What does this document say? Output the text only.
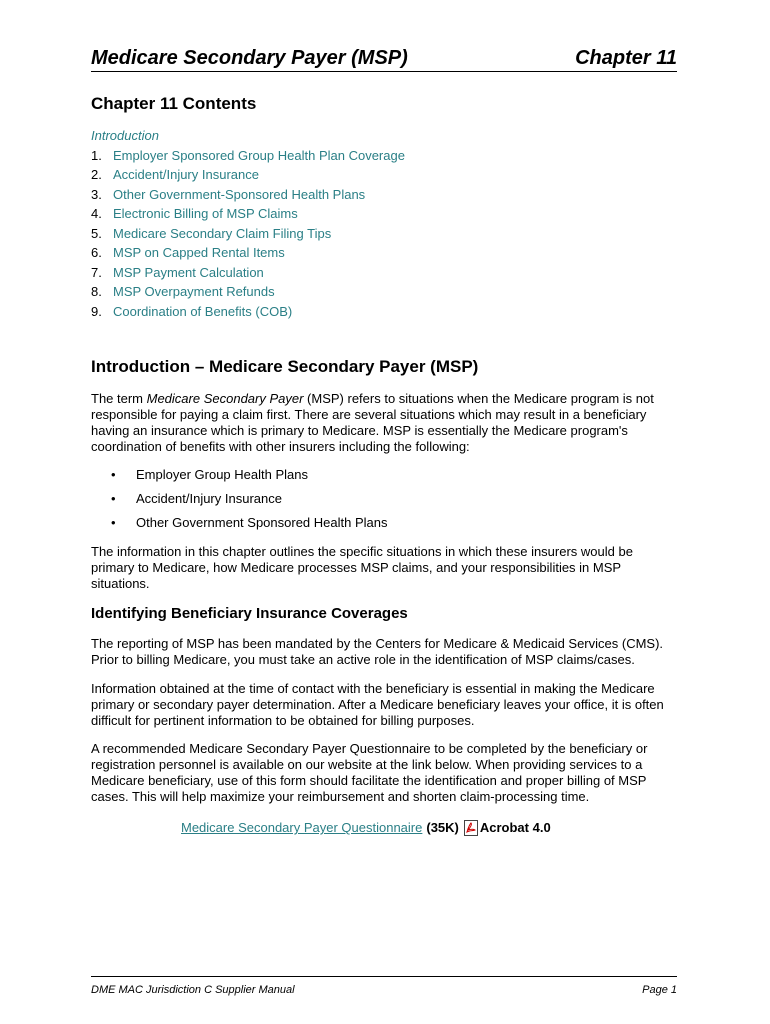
Medicare Secondary Payer (MSP)	Chapter 11
Chapter 11 Contents
Introduction
1. Employer Sponsored Group Health Plan Coverage
2. Accident/Injury Insurance
3. Other Government-Sponsored Health Plans
4. Electronic Billing of MSP Claims
5. Medicare Secondary Claim Filing Tips
6. MSP on Capped Rental Items
7. MSP Payment Calculation
8. MSP Overpayment Refunds
9. Coordination of Benefits (COB)
Introduction – Medicare Secondary Payer (MSP)

The term Medicare Secondary Payer (MSP) refers to situations when the Medicare program is not responsible for paying a claim first. There are several situations which may result in a beneficiary having an insurance which is primary to Medicare. MSP is essentially the Medicare program's coordination of benefits with other insurers including the following:

•	Employer Group Health Plans
•	Accident/Injury Insurance
•	Other Government Sponsored Health Plans

The information in this chapter outlines the specific situations in which these insurers would be primary to Medicare, how Medicare processes MSP claims, and your responsibilities in MSP situations.

Identifying Beneficiary Insurance Coverages

The reporting of MSP has been mandated by the Centers for Medicare & Medicaid Services (CMS). Prior to billing Medicare, you must take an active role in the identification of MSP claims/cases.

Information obtained at the time of contact with the beneficiary is essential in making the Medicare primary or secondary payer determination. After a Medicare beneficiary leaves your office, it is often difficult for pertinent information to be obtained for billing purposes.

A recommended Medicare Secondary Payer Questionnaire to be completed by the beneficiary or registration personnel is available on our website at the link below. When providing services to a Medicare beneficiary, use of this form should facilitate the identification and proper billing of MSP cases. This will help maximize your reimbursement and shorten claim-processing time.

Medicare Secondary Payer Questionnaire (35K) Acrobat 4.0
DME MAC Jurisdiction C Supplier Manual	Page 1
